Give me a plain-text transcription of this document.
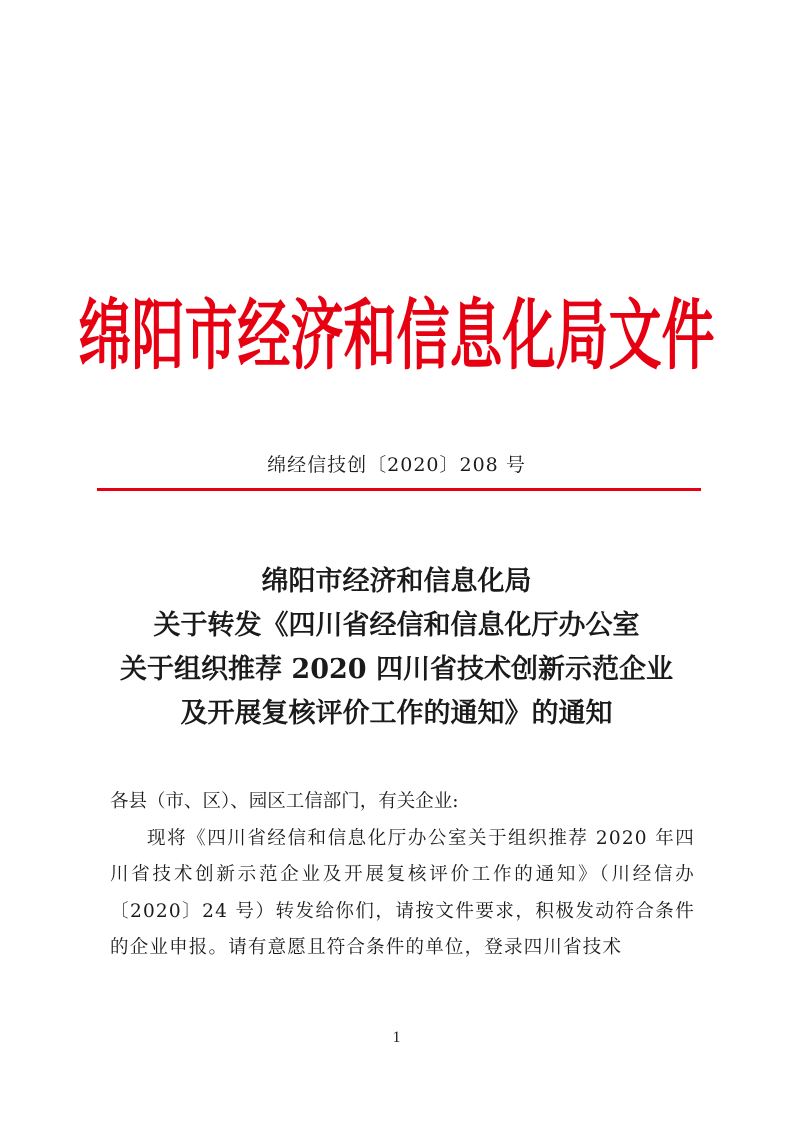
绵阳市经济和信息化局文件
绵经信技创〔2020〕208 号
绵阳市经济和信息化局
关于转发《四川省经信和信息化厅办公室
关于组织推荐 2020 四川省技术创新示范企业
及开展复核评价工作的通知》的通知
各县（市、区）、园区工信部门，有关企业:
现将《四川省经信和信息化厅办公室关于组织推荐 2020 年四川省技术创新示范企业及开展复核评价工作的通知》（川经信办〔2020〕24 号）转发给你们，请按文件要求，积极发动符合条件的企业申报。请有意愿且符合条件的单位，登录四川省技术
1
